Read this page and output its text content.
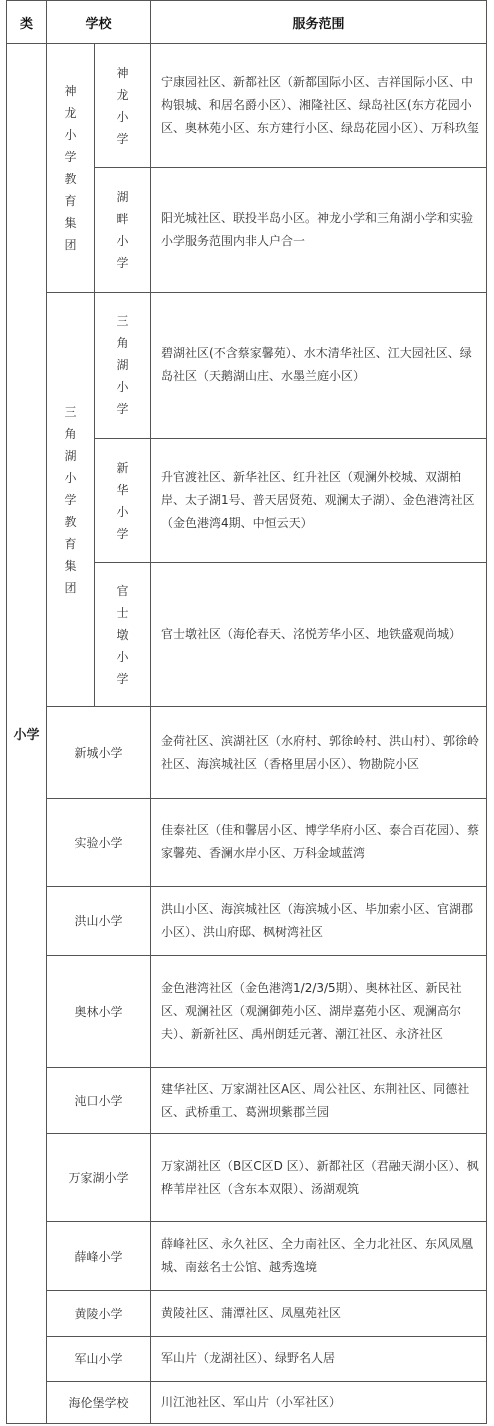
类	学校		服务范围
小学	神龙小学教育集团	神龙小学	宁康园社区、新都社区（新都国际小区、吉祥国际小区、中构银城、和居名爵小区）、湘隆社区、绿岛社区(东方花园小区、奥林苑小区、东方建行小区、绿岛花园小区）、万科玖玺

		湖畔小学	阳光城社区、联投半岛小区。神龙小学和三角湖小学和实验小学服务范围内非人户合一

	三角湖小学教育集团	三角湖小学	碧湖社区(不含蔡家馨苑）、水木清华社区、江大园社区、绿岛社区（天鹅湖山庄、水墨兰庭小区）

		新华小学	升官渡社区、新华社区、红升社区（观澜外校城、双湖柏岸、太子湖1号、普天居贤苑、观澜太子湖）、金色港湾社区（金色港湾4期、中恒云天）

		官士墩小学	官士墩社区（海伦春天、洺悦芳华小区、地铁盛观尚城）
	新城小学		金荷社区、滨湖社区（水府村、郭徐岭村、洪山村）、郭徐岭社区、海滨城社区（香格里居小区）、物勘院小区
	实验小学		佳泰社区（佳和馨居小区、博学华府小区、泰合百花园）、蔡家馨苑、香澜水岸小区、万科金域蓝湾
	洪山小学		洪山小区、海滨城社区（海滨城小区、毕加索小区、官湖郡小区）、洪山府邸、枫树湾社区
	奥林小学		金色港湾社区（金色港湾1/2/3/5期）、奥林社区、新民社区、观澜社区（观澜御苑小区、湖岸嘉苑小区、观澜高尔夫）、新新社区、禹州朗廷元著、潮江社区、永济社区
	沌口小学		建华社区、万家湖社区A区、周公社区、东荆社区、同德社区、武桥重工、葛洲坝紫郡兰园
	万家湖小学		万家湖社区（B区C区D 区）、新都社区（君融天湖小区）、枫桦苇岸社区（含东本双限）、汤湖观筑
	薛峰小学		薛峰社区、永久社区、全力南社区、全力北社区、东风凤凰城、南兹名士公馆、越秀逸境
	黄陵小学		黄陵社区、蒲潭社区、凤凰苑社区
	军山小学		军山片（龙湖社区）、绿野名人居
	海伦堡学校		川江池社区、军山片（小军社区）
